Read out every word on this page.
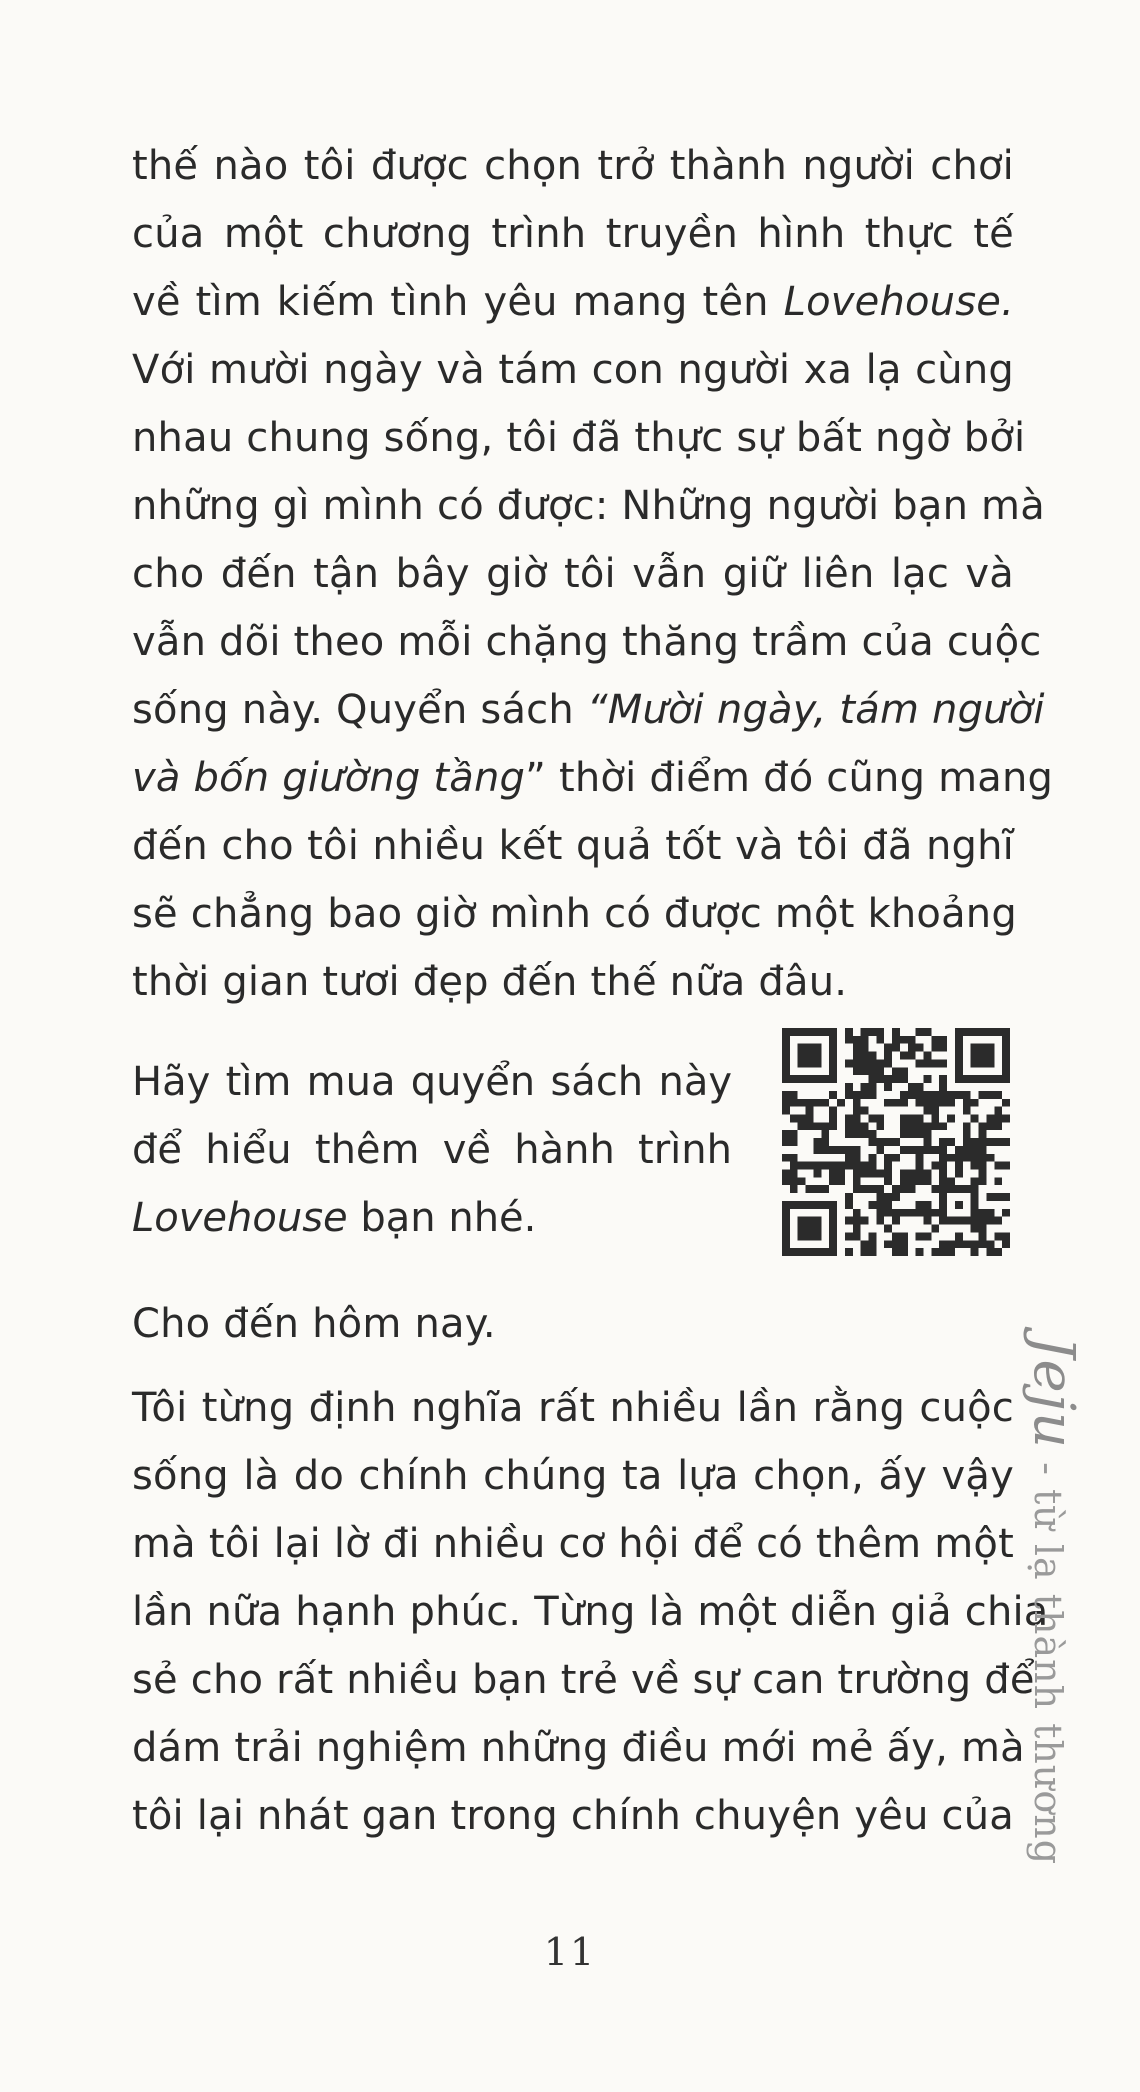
thế nào tôi được chọn trở thành người chơi
của một chương trình truyền hình thực tế
về tìm kiếm tình yêu mang tên Lovehouse.
Với mười ngày và tám con người xa lạ cùng
nhau chung sống, tôi đã thực sự bất ngờ bởi
những gì mình có được: Những người bạn mà
cho đến tận bây giờ tôi vẫn giữ liên lạc và
vẫn dõi theo mỗi chặng thăng trầm của cuộc
sống này. Quyển sách “Mười ngày, tám người
và bốn giường tầng” thời điểm đó cũng mang
đến cho tôi nhiều kết quả tốt và tôi đã nghĩ
sẽ chẳng bao giờ mình có được một khoảng
thời gian tươi đẹp đến thế nữa đâu.

Hãy tìm mua quyển sách này
để hiểu thêm về hành trình
Lovehouse bạn nhé.

Cho đến hôm nay.

Tôi từng định nghĩa rất nhiều lần rằng cuộc
sống là do chính chúng ta lựa chọn, ấy vậy
mà tôi lại lờ đi nhiều cơ hội để có thêm một
lần nữa hạnh phúc. Từng là một diễn giả chia
sẻ cho rất nhiều bạn trẻ về sự can trường để
dám trải nghiệm những điều mới mẻ ấy, mà
tôi lại nhát gan trong chính chuyện yêu của

Jeju - từ lạ thành thương
11
